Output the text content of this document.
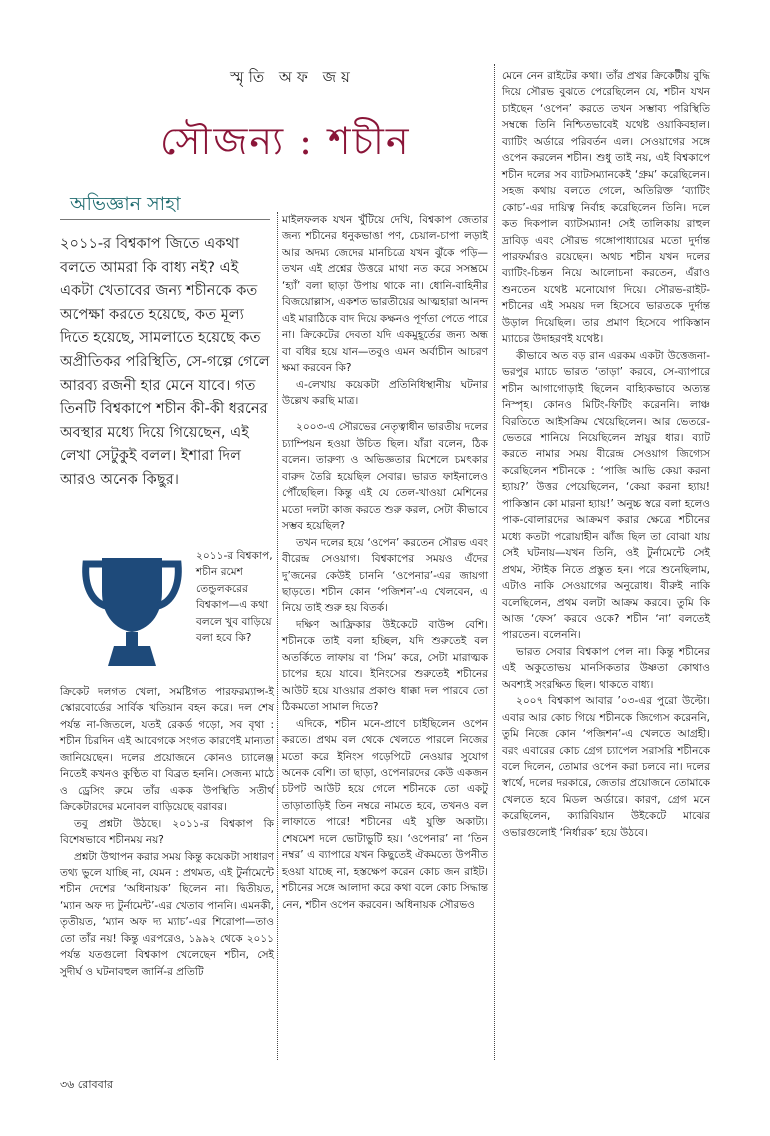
স্মৃতি অফ জয়
সৌজন্য : শচীন
অভিজ্ঞান সাহা
২০১১-র বিশ্বকাপ জিতে একথা বলতে আমরা কি বাধ্য নই? এই একটা খেতাবের জন্য শচীনকে কত অপেক্ষা করতে হয়েছে, কত মূল্য দিতে হয়েছে, সামলাতে হয়েছে কত অপ্রীতিকর পরিস্থিতি, সে-গল্পে গেলে আরব্য রজনী হার মেনে যাবে। গত তিনটি বিশ্বকাপে শচীন কী-কী ধরনের অবস্থার মধ্যে দিয়ে গিয়েছেন, এই লেখা সেটুকুই বলল। ইশারা দিল আরও অনেক কিছুর।
২০১১-র বিশ্বকাপ, শচীন রমেশ তেন্ডুলকরের বিশ্বকাপ—এ কথা বললে খুব বাড়িয়ে বলা হবে কি?

ক্রিকেট দলগত খেলা, সমষ্টিগত পারফরম্যান্স-ই স্কোরবোর্ডের সার্বিক খতিয়ান বহন করে। দল শেষ পর্যন্ত না-জিতলে, যতই রেকর্ড গড়ো, সব বৃথা : শচীন চিরদিন এই আবেগকে সংগত কারণেই মান্যতা জানিয়েছেন। দলের প্রয়োজনে কোনও চ্যালেঞ্জ নিতেই কখনও কুণ্ঠিত বা বিব্রত হননি। সেজন্য মাঠে ও ড্রেসিং রুমে তাঁর একক উপস্থিতি সতীর্থ ক্রিকেটারদের মনোবল বাড়িয়েছে বরাবর।

তবু প্রশ্নটা উঠছে। ২০১১-র বিশ্বকাপ কি বিশেষভাবে শচীনময় নয়?

প্রশ্নটা উত্থাপন করার সময় কিন্তু কয়েকটা সাধারণ তথ্য ভুলে যাচ্ছি না, যেমন : প্রথমত, এই টুর্নামেন্টে শচীন দেশের ‘অধিনায়ক’ ছিলেন না। দ্বিতীয়ত, ‘ম্যান অফ দ্য টুর্নামেন্ট’-এর খেতাব পাননি। এমনকী, তৃতীয়ত, ‘ম্যান অফ দ্য ম্যাচ’-এর শিরোপা—তাও তো তাঁর নয়! কিন্তু এরপরেও, ১৯৯২ থেকে ২০১১ পর্যন্ত যতগুলো বিশ্বকাপ খেলেছেন শচীন, সেই সুদীর্ঘ ও ঘটনাবহুল জার্নি-র প্রতিটি

মাইলফলক যখন খুঁটিয়ে দেখি, বিশ্বকাপ জেতার জন্য শচীনের ধনুকভাঙা পণ, চেয়াল-চাপা লড়াই আর অদম্য জেদের মানচিত্রে যখন ঝুঁকে পড়ি—তখন এই প্রশ্নের উত্তরে মাথা নত করে সসম্ভ্রমে ‘হ্যাঁ’ বলা ছাড়া উপায় থাকে না। ধোনি-বাহিনীর বিজয়োল্লাস, একশত ভারতীয়ের আত্মহারা আনন্দ এই মারাঠিকে বাদ দিয়ে কক্ষনও পূর্ণতা পেতে পারে না। ক্রিকেটের দেবতা যদি একমুহূর্তের জন্য অন্ধ বা বধির হয়ে যান—তবুও এমন অর্বাচীন আচরণ ক্ষমা করবেন কি?

এ-লেখায় কয়েকটা প্রতিনিধিস্থানীয় ঘটনার উল্লেখ করছি মাত্র।

২০০৩-এ সৌরভের নেতৃত্বাধীন ভারতীয় দলের চ্যাম্পিয়ন হওয়া উচিত ছিল। যাঁরা বলেন, ঠিক বলেন। তারুণ্য ও অভিজ্ঞতার মিশেলে চমৎকার বারুদ তৈরি হয়েছিল সেবার। ভারত ফাইনালেও পৌঁছেছিল। কিন্তু এই যে তেল-খাওয়া মেশিনের মতো দলটা কাজ করতে শুরু করল, সেটা কীভাবে সম্ভব হয়েছিল?

তখন দলের হয়ে ‘ওপেন’ করতেন সৌরভ এবং বীরেন্দ্র সেওয়াগ। বিশ্বকাপের সময়ও এঁদের দু’জনের কেউই চাননি ‘ওপেনার’-এর জায়গা ছাড়তে। শচীন কোন ‘পজিশন’-এ খেলবেন, এ নিয়ে তাই শুরু হয় বিতর্ক।

দক্ষিণ আফ্রিকার উইকেটে বাউন্স বেশি। শচীনকে তাই বলা হচ্ছিল, যদি শুরুতেই বল অতর্কিতে লাফায় বা ‘সিম’ করে, সেটা মারাত্মক চাপের হয়ে যাবে। ইনিংসের শুরুতেই শচীনের আউট হয়ে যাওয়ার প্রকাণ্ড ধাক্কা দল পারবে তো ঠিকমতো সামাল দিতে?

এদিকে, শচীন মনে-প্রাণে চাইছিলেন ওপেন করতে। প্রথম বল থেকে খেলতে পারলে নিজের মতো করে ইনিংস গড়েপিটে নেওয়ার সুযোগ অনেক বেশি। তা ছাড়া, ওপেনারদের কেউ একজন চটপট আউট হয়ে গেলে শচীনকে তো একটু তাড়াতাড়িই তিন নম্বরে নামতে হবে, তখনও বল লাফাতে পারে! শচীনের এই যুক্তি অকাট্য। শেষমেশ দলে ভোটাভুটি হয়। ‘ওপেনার’ না ‘তিন নম্বর’ এ ব্যাপারে যখন কিছুতেই ঐকমত্যে উপনীত হওয়া যাচ্ছে না, হস্তক্ষেপ করেন কোচ জন রাইট। শচীনের সঙ্গে আলাদা করে কথা বলে কোচ সিদ্ধান্ত নেন, শচীন ওপেন করবেন। অধিনায়ক সৌরভও

মেনে নেন রাইটের কথা। তাঁর প্রখর ক্রিকেটীয় বুদ্ধি দিয়ে সৌরভ বুঝতে পেরেছিলেন যে, শচীন যখন চাইছেন ‘ওপেন’ করতে তখন সম্ভাব্য পরিস্থিতি সম্বন্ধে তিনি নিশ্চিতভাবেই যথেষ্ট ওয়াকিবহাল। ব্যাটিং অর্ডারে পরিবর্তন এল। সেওয়াগের সঙ্গে ওপেন করলেন শচীন। শুধু তাই নয়, এই বিশ্বকাপে শচীন দলের সব ব্যাটসম্যানকেই ‘গ্রুম’ করেছিলেন। সহজ কথায় বলতে গেলে, অতিরিক্ত ‘ব্যাটিং কোচ’-এর দায়িত্ব নির্বাহ করেছিলেন তিনি। দলে কত দিকপাল ব্যাটসম্যান! সেই তালিকায় রাহুল দ্রাবিড় এবং সৌরভ গঙ্গোপাধ্যায়ের মতো দুর্দান্ত পারফর্মারও রয়েছেন। অথচ শচীন যখন দলের ব্যাটিং-চিন্তন নিয়ে আলোচনা করতেন, এঁরাও শুনতেন যথেষ্ট মনোযোগ দিয়ে। সৌরভ-রাইট-শচীনের এই সময়য় দল হিসেবে ভারতকে দুর্দান্ত উড়াল দিয়েছিল। তার প্রমাণ হিসেবে পাকিস্তান ম্যাচের উদাহরণই যথেষ্ট।

কীভাবে অত বড় রান এরকম একটা উত্তেজনা-ভরপুর ম্যাচে ভারত ‘তাড়া’ করবে, সে-ব্যাপারে শচীন আগাগোড়াই ছিলেন বাহ্যিকভাবে অত্যন্ত নিস্পৃহ। কোনও মিটিং-ফিটিং করেননি। লাঞ্চ বিরতিতে আইসক্রিম খেয়েছিলেন। আর ভেতরে-ভেতরে শানিয়ে নিয়েছিলেন স্নায়ুর ধার। ব্যাট করতে নামার সময় বীরেন্দ্র সেওয়াগ জিগ্যেস করেছিলেন শচীনকে : ‘পাজি আভি কেয়া করনা হ্যায়?’ উত্তর পেয়েছিলেন, ‘কেয়া করনা হ্যায়! পাকিস্তান কো মারনা হ্যায়!’ অনুচ্চ স্বরে বলা হলেও পাক-বোলারদের আক্রমণ করার ক্ষেত্রে শচীনের মধ্যে কতটা পরোয়াহীন ঝাঁজ ছিল তা বোঝা যায় সেই ঘটনায়—যখন তিনি, ওই টুর্নামেন্টে সেই প্রথম, স্টাইক নিতে প্রস্তুত হন। পরে শুনেছিলাম, এটাও নাকি সেওয়াগের অনুরোধ। বীরুই নাকি বলেছিলেন, প্রথম বলটা আক্রম করবে। তুমি কি আজ ‘ফেস’ করবে ওকে? শচীন ‘না’ বলতেই পারতেন। বলেননি।

ভারত সেবার বিশ্বকাপ পেল না। কিন্তু শচীনের এই অকুতোভয় মানসিকতার উষ্ণতা কোথাও অবশ্যই সংরক্ষিত ছিল। থাকতে বাধ্য।

২০০৭ বিশ্বকাপ আবার ’০৩-এর পুরো উল্টো। এবার আর কোচ গিয়ে শচীনকে জিগ্যেস করেননি, তুমি নিজে কোন ‘পজিশন’-এ খেলতে আগ্রহী। বরং এবারের কোচ গ্রেগ চ্যাপেল সরাসরি শচীনকে বলে দিলেন, তোমার ওপেন করা চলবে না। দলের স্বার্থে, দলের দরকারে, জেতার প্রয়োজনে তোমাকে খেলতে হবে মিডল অর্ডারে। কারণ, গ্রেগ মনে করেছিলেন, ক্যারিবিয়ান উইকেটে মাঝের ওভারগুলোই ‘নির্ধারক’ হয়ে উঠবে।

৩৬ রোববার
